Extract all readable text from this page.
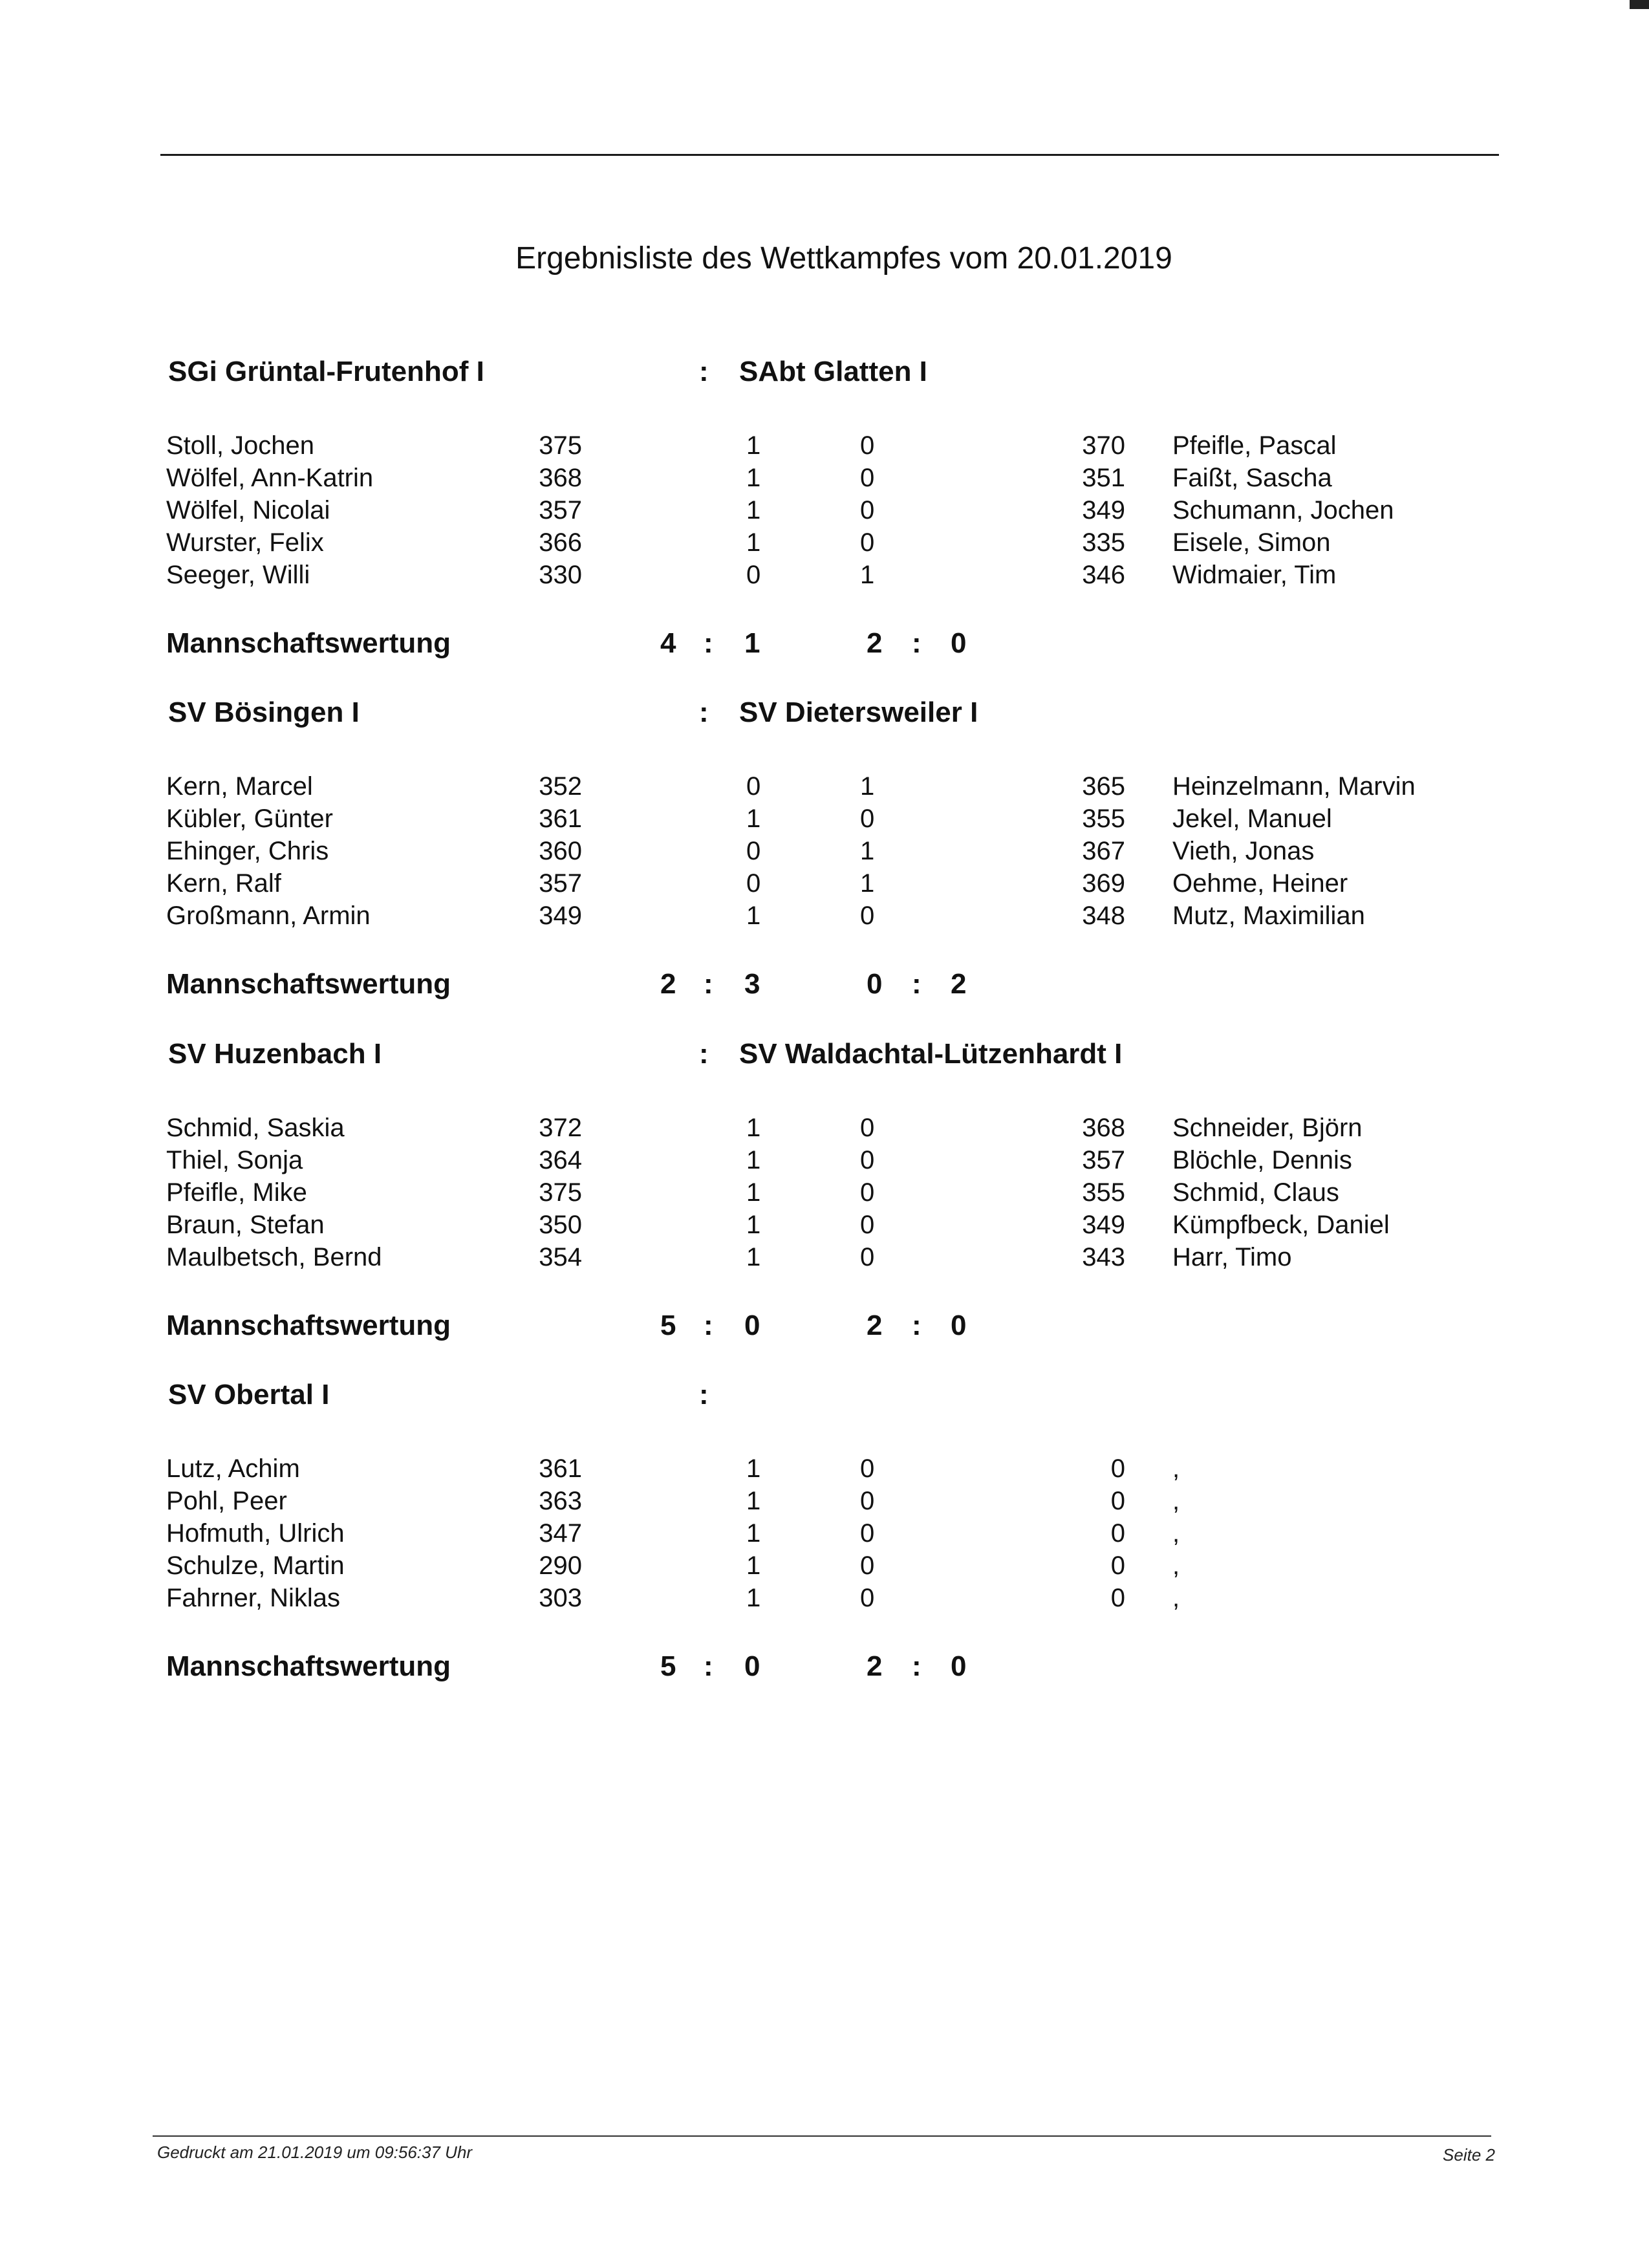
Ergebnisliste des Wettkampfes vom 20.01.2019
SGi Grüntal-Frutenhof I	: SAbt Glatten I
Stoll, Jochen	375	1	0	370 Pfeifle, Pascal
Wölfel, Ann-Katrin	368	1	0	351 Faißt, Sascha
Wölfel, Nicolai	357	1	0	349 Schumann, Jochen
Wurster, Felix	366	1	0	335 Eisele, Simon
Seeger, Willi	330	0	1	346 Widmaier, Tim
Mannschaftswertung	4 : 1	2 : 0
SV Bösingen I	: SV Dietersweiler I
Kern, Marcel	352	0	1	365 Heinzelmann, Marvin
Kübler, Günter	361	1	0	355 Jekel, Manuel
Ehinger, Chris	360	0	1	367 Vieth, Jonas
Kern, Ralf	357	0	1	369 Oehme, Heiner
Großmann, Armin	349	1	0	348 Mutz, Maximilian
Mannschaftswertung	2 : 3	0 : 2
SV Huzenbach I	: SV Waldachtal-Lützenhardt I
Schmid, Saskia	372	1	0	368 Schneider, Björn
Thiel, Sonja	364	1	0	357 Blöchle, Dennis
Pfeifle, Mike	375	1	0	355 Schmid, Claus
Braun, Stefan	350	1	0	349 Kümpfbeck, Daniel
Maulbetsch, Bernd	354	1	0	343 Harr, Timo
Mannschaftswertung	5 : 0	2 : 0
SV Obertal I	:
Lutz, Achim	361	1	0	0 ,
Pohl, Peer	363	1	0	0 ,
Hofmuth, Ulrich	347	1	0	0 ,
Schulze, Martin	290	1	0	0 ,
Fahrner, Niklas	303	1	0	0 ,
Mannschaftswertung	5 : 0	2 : 0
Gedruckt am 21.01.2019 um 09:56:37 Uhr	Seite 2
